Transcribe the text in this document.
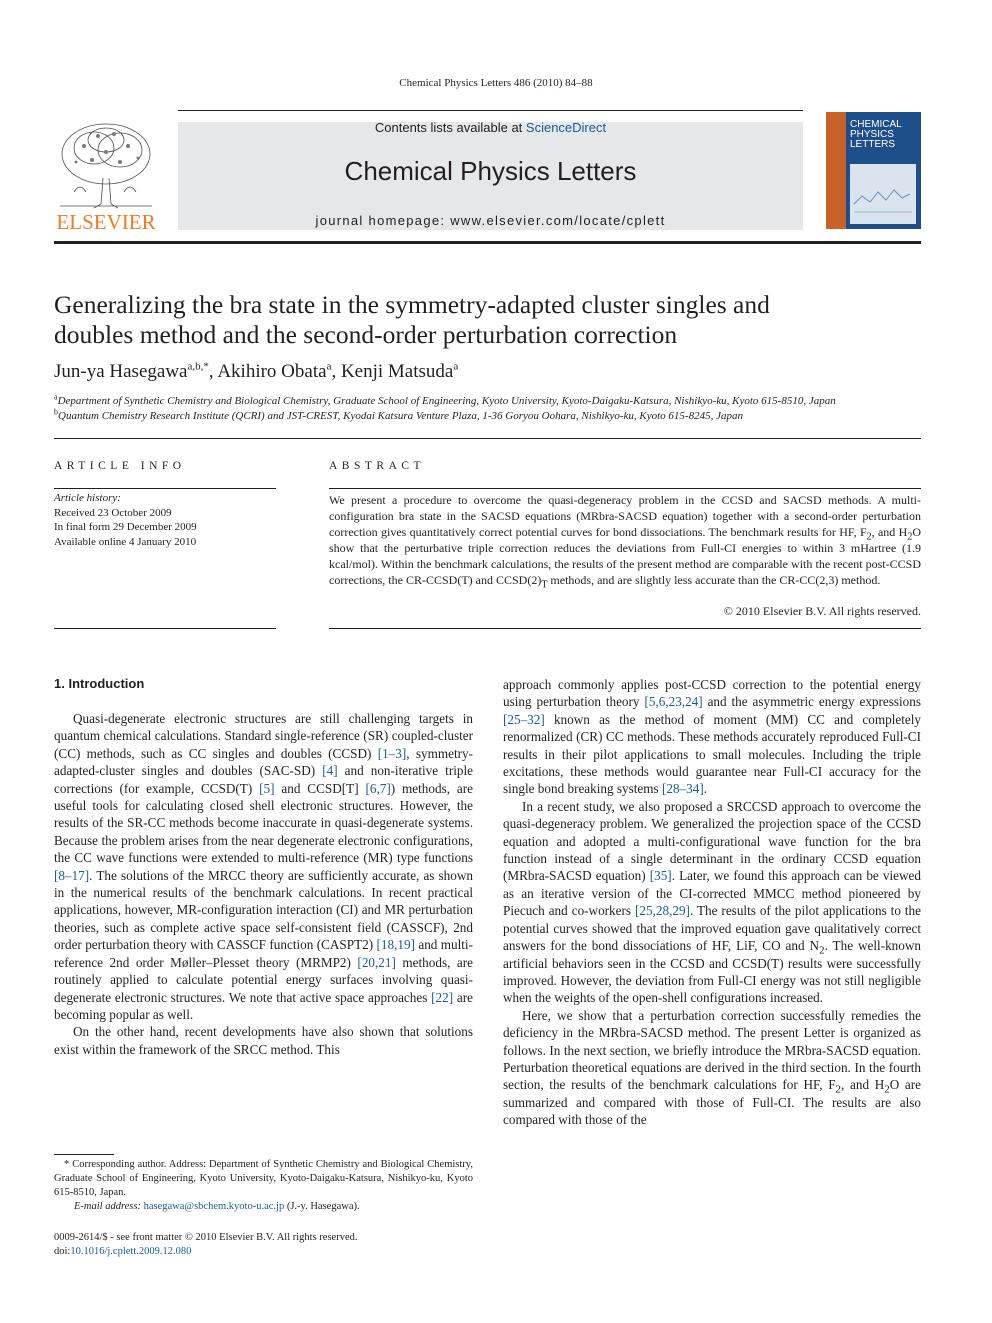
Chemical Physics Letters 486 (2010) 84–88
ELSEVIER
Contents lists available at ScienceDirect
Chemical Physics Letters
journal homepage: www.elsevier.com/locate/cplett
CHEMICAL
PHYSICS
LETTERS
Generalizing the bra state in the symmetry-adapted cluster singles and
doubles method and the second-order perturbation correction
Jun-ya Hasegawa$^{a,b,*}$, Akihiro Obata$^a$, Kenji Matsuda$^a$
$^a$Department of Synthetic Chemistry and Biological Chemistry, Graduate School of Engineering, Kyoto University, Kyoto-Daigaku-Katsura, Nishikyo-ku, Kyoto 615-8510, Japan
$^b$Quantum Chemistry Research Institute (QCRI) and JST-CREST, Kyodai Katsura Venture Plaza, 1-36 Goryou Oohara, Nishikyo-ku, Kyoto 615-8245, Japan
ARTICLE INFO
Article history:
Received 23 October 2009
In final form 29 December 2009
Available online 4 January 2010
ABSTRACT
We present a procedure to overcome the quasi-degeneracy problem in the CCSD and SACSD methods. A multi-configuration bra state in the SACSD equations (MRbra-SACSD equation) together with a second-order perturbation correction gives quantitatively correct potential curves for bond dissociations. The benchmark results for HF, $F_2$, and $H_2O$ show that the perturbative triple correction reduces the deviations from Full-CI energies to within 3 mHartree (1.9 kcal/mol). Within the benchmark calculations, the results of the present method are comparable with the recent post-CCSD corrections, the CR-CCSD(T) and $CCSD(2)_T$ methods, and are slightly less accurate than the CR-CC(2,3) method.
© 2010 Elsevier B.V. All rights reserved.
1. Introduction

Quasi-degenerate electronic structures are still challenging targets in quantum chemical calculations. Standard single-reference (SR) coupled-cluster (CC) methods, such as CC singles and doubles (CCSD) [1–3], symmetry-adapted-cluster singles and doubles (SAC-SD) [4] and non-iterative triple corrections (for example, CCSD(T) [5] and CCSD[T] [6,7]) methods, are useful tools for calculating closed shell electronic structures. However, the results of the SR-CC methods become inaccurate in quasi-degenerate systems. Because the problem arises from the near degenerate electronic configurations, the CC wave functions were extended to multi-reference (MR) type functions [8–17]. The solutions of the MRCC theory are sufficiently accurate, as shown in the numerical results of the benchmark calculations. In recent practical applications, however, MR-configuration interaction (CI) and MR perturbation theories, such as complete active space self-consistent field (CASSCF), 2nd order perturbation theory with CASSCF function (CASPT2) [18,19] and multi-reference 2nd order Møller–Plesset theory (MRMP2) [20,21] methods, are routinely applied to calculate potential energy surfaces involving quasi-degenerate electronic structures. We note that active space approaches [22] are becoming popular as well.

On the other hand, recent developments have also shown that solutions exist within the framework of the SRCC method. This

* Corresponding author. Address: Department of Synthetic Chemistry and Biological Chemistry, Graduate School of Engineering, Kyoto University, Kyoto-Daigaku-Katsura, Nishikyo-ku, Kyoto 615-8510, Japan.
E-mail address: hasegawa@sbchem.kyoto-u.ac.jp (J.-y. Hasegawa).
0009-2614/$ - see front matter © 2010 Elsevier B.V. All rights reserved.
doi:10.1016/j.cplett.2009.12.080

approach commonly applies post-CCSD correction to the potential energy using perturbation theory [5,6,23,24] and the asymmetric energy expressions [25–32] known as the method of moment (MM) CC and completely renormalized (CR) CC methods. These methods accurately reproduced Full-CI results in their pilot applications to small molecules. Including the triple excitations, these methods would guarantee near Full-CI accuracy for the single bond breaking systems [28–34].

In a recent study, we also proposed a SRCCSD approach to overcome the quasi-degeneracy problem. We generalized the projection space of the CCSD equation and adopted a multi-configurational wave function for the bra function instead of a single determinant in the ordinary CCSD equation (MRbra-SACSD equation) [35]. Later, we found this approach can be viewed as an iterative version of the CI-corrected MMCC method pioneered by Piecuch and co-workers [25,28,29]. The results of the pilot applications to the potential curves showed that the improved equation gave qualitatively correct answers for the bond dissociations of HF, LiF, CO and $N_2$. The well-known artificial behaviors seen in the CCSD and CCSD(T) results were successfully improved. However, the deviation from Full-CI energy was not still negligible when the weights of the open-shell configurations increased.

Here, we show that a perturbation correction successfully remedies the deficiency in the MRbra-SACSD method. The present Letter is organized as follows. In the next section, we briefly introduce the MRbra-SACSD equation. Perturbation theoretical equations are derived in the third section. In the fourth section, the results of the benchmark calculations for HF, $F_2$, and $H_2O$ are summarized and compared with those of Full-CI. The results are also compared with those of the
